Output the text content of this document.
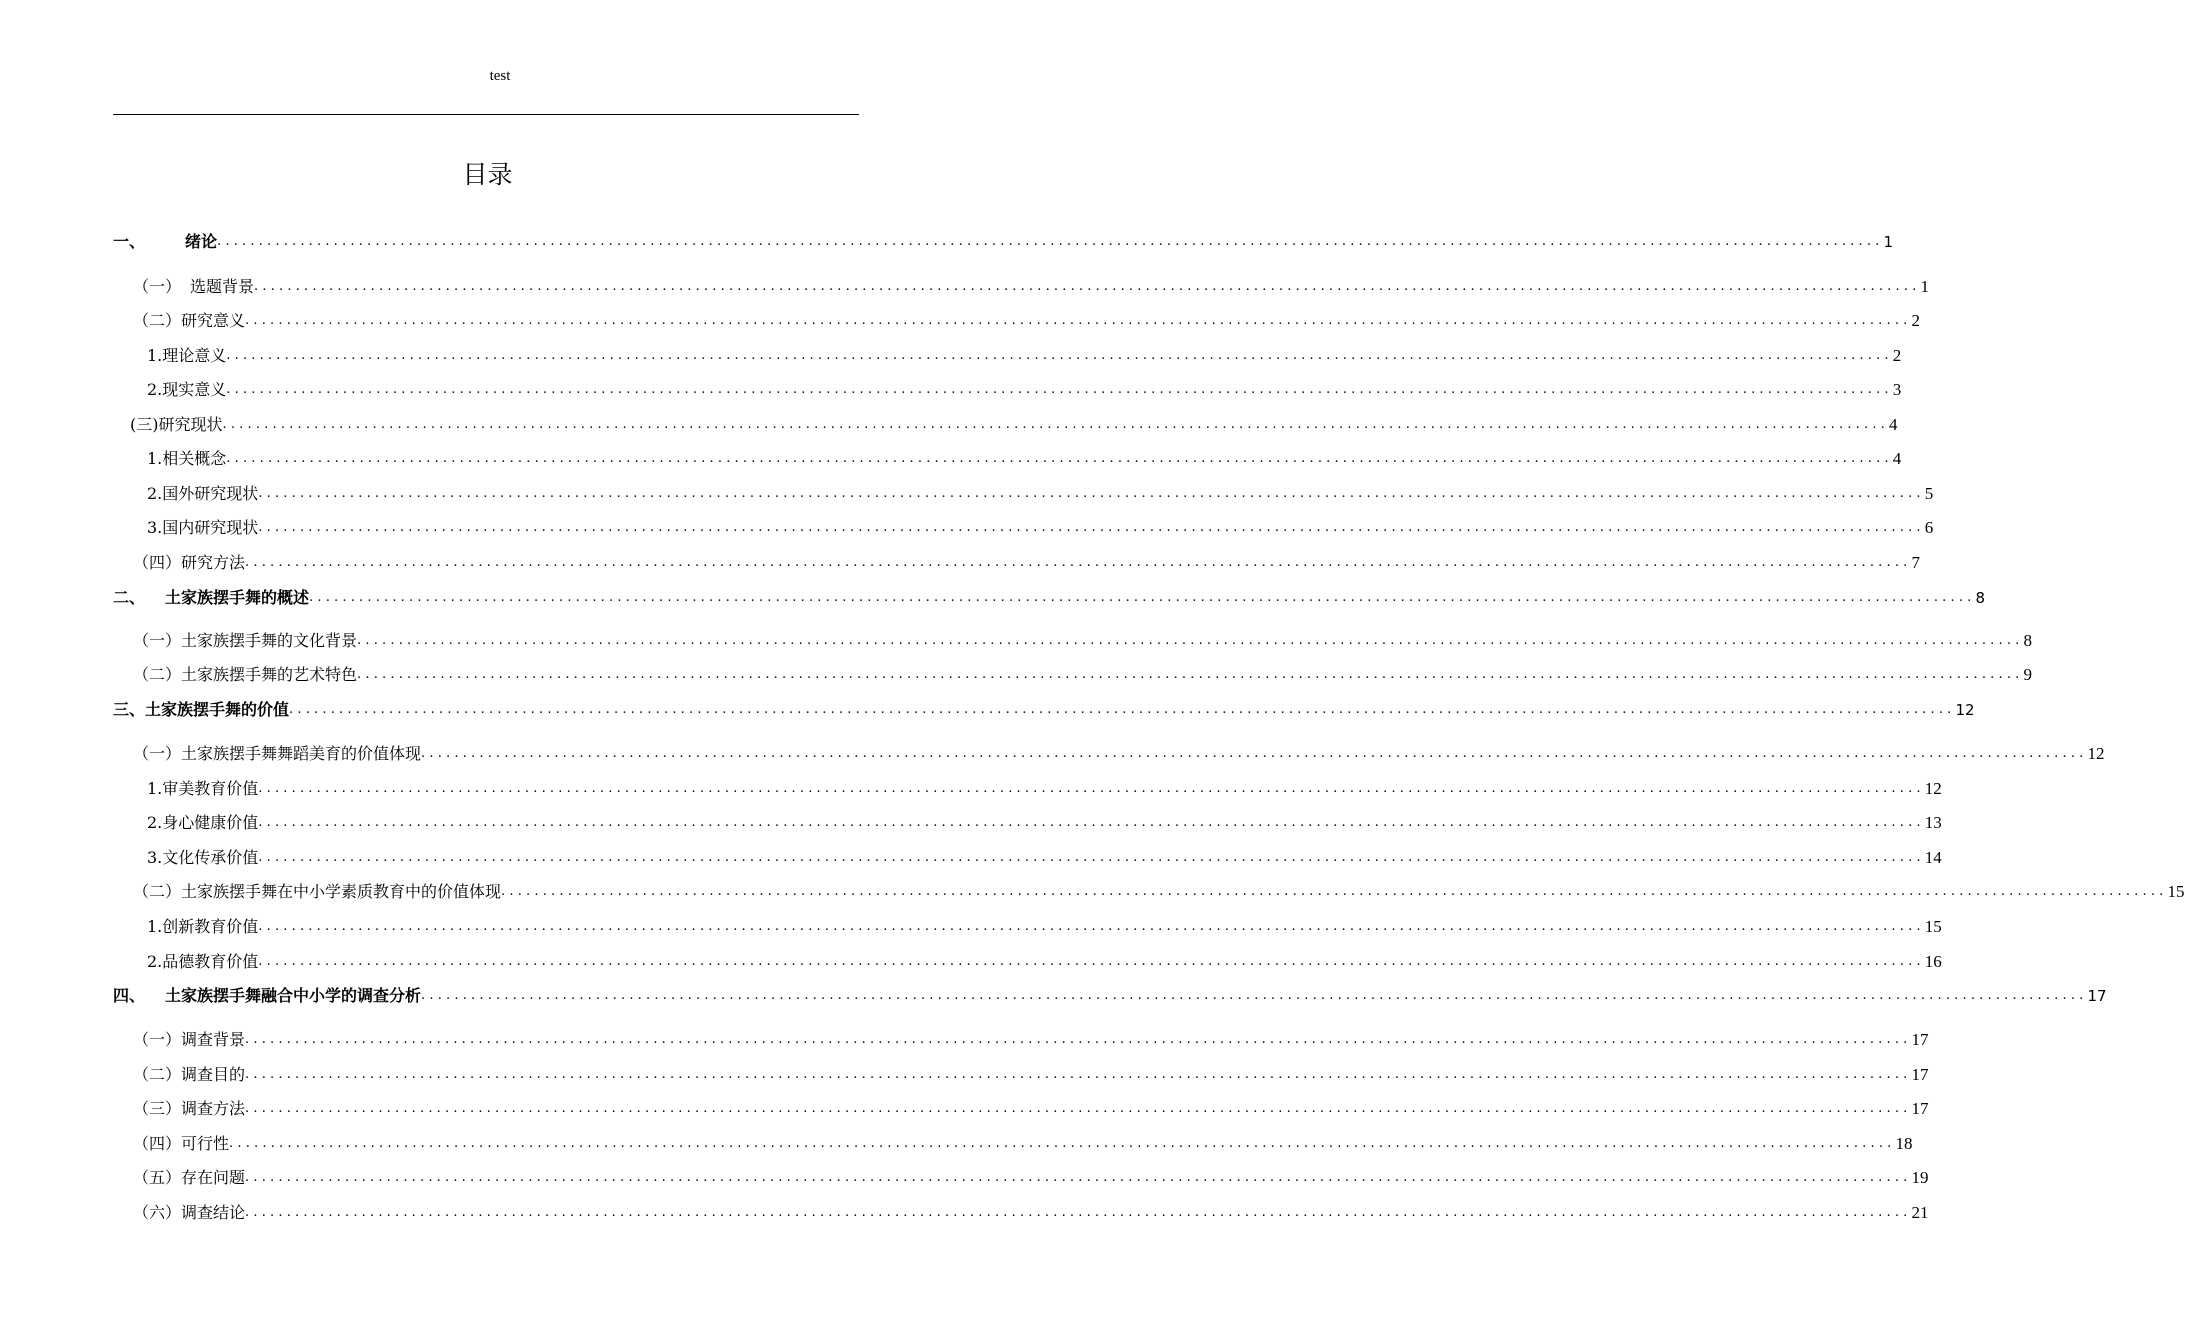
test
目录
一、	绪论 ........................................................................................................................................................................................................ 1
（一） 选题背景 ........................................................................................................................................................................................................ 1
（二）研究意义 ........................................................................................................................................................................................................ 2
1.理论意义 ........................................................................................................................................................................................................ 2
2.现实意义 ........................................................................................................................................................................................................ 3
(三)研究现状 ........................................................................................................................................................................................................ 4
1.相关概念 ........................................................................................................................................................................................................ 4
2.国外研究现状 ........................................................................................................................................................................................................ 5
3.国内研究现状 ........................................................................................................................................................................................................ 6
（四）研究方法 ........................................................................................................................................................................................................ 7
二、 土家族摆手舞的概述 ........................................................................................................................................................................................................ 8
（一）土家族摆手舞的文化背景 ........................................................................................................................................................................................................ 8
（二）土家族摆手舞的艺术特色 ........................................................................................................................................................................................................ 9
三、土家族摆手舞的价值 ........................................................................................................................................................................................................ 12
（一）土家族摆手舞舞蹈美育的价值体现 ........................................................................................................................................................................................................ 12
1.审美教育价值 ........................................................................................................................................................................................................ 12
2.身心健康价值 ........................................................................................................................................................................................................ 13
3.文化传承价值 ........................................................................................................................................................................................................ 14
（二）土家族摆手舞在中小学素质教育中的价值体现 ........................................................................................................................................................................................................ 15
1.创新教育价值 ........................................................................................................................................................................................................ 15
2.品德教育价值 ........................................................................................................................................................................................................ 16
四、 土家族摆手舞融合中小学的调查分析 ........................................................................................................................................................................................................ 17
（一）调查背景 ........................................................................................................................................................................................................ 17
（二）调查目的 ........................................................................................................................................................................................................ 17
（三）调查方法 ........................................................................................................................................................................................................ 17
（四）可行性 ........................................................................................................................................................................................................ 18
（五）存在问题 ........................................................................................................................................................................................................ 19
（六）调查结论 ........................................................................................................................................................................................................ 21
